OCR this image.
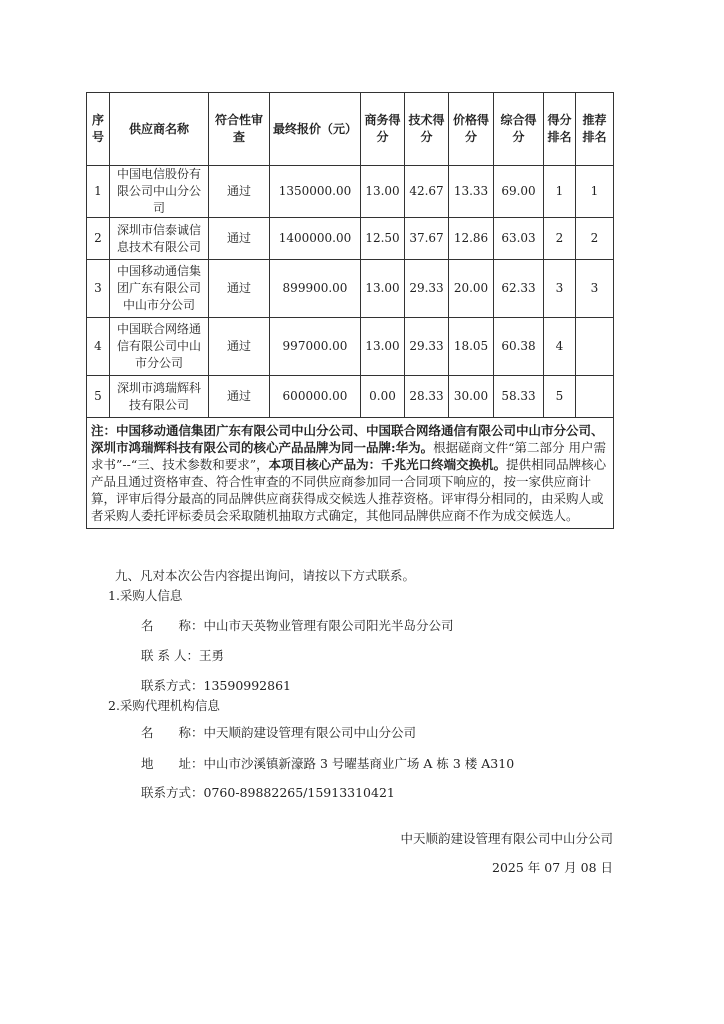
序号	供应商名称	符合性审查	最终报价（元）	商务得分	技术得分	价格得分	综合得分	得分排名	推荐排名
1	中国电信股份有限公司中山分公司	通过	1350000.00	13.00	42.67	13.33	69.00	1	1
2	深圳市信泰诚信息技术有限公司	通过	1400000.00	12.50	37.67	12.86	63.03	2	2
3	中国移动通信集团广东有限公司中山市分公司	通过	899900.00	13.00	29.33	20.00	62.33	3	3
4	中国联合网络通信有限公司中山市分公司	通过	997000.00	13.00	29.33	18.05	60.38	4	
5	深圳市鸿瑞辉科技有限公司	通过	600000.00	0.00	28.33	30.00	58.33	5	
注：中国移动通信集团广东有限公司中山分公司、中国联合网络通信有限公司中山市分公司、深圳市鸿瑞辉科技有限公司的核心产品品牌为同一品牌:华为。根据磋商文件“第二部分 用户需求书”--“三、技术参数和要求”，本项目核心产品为：千兆光口终端交换机。提供相同品牌核心产品且通过资格审查、符合性审查的不同供应商参加同一合同项下响应的，按一家供应商计算，评审后得分最高的同品牌供应商获得成交候选人推荐资格。评审得分相同的，由采购人或者采购人委托评标委员会采取随机抽取方式确定，其他同品牌供应商不作为成交候选人。									
九、凡对本次公告内容提出询问，请按以下方式联系。
1.采购人信息
名　　称：中山市天英物业管理有限公司阳光半岛分公司
联 系 人：王勇
联系方式：13590992861
2.采购代理机构信息
名　　称：中天顺韵建设管理有限公司中山分公司
地　　址：中山市沙溪镇新濠路 3 号曜基商业广场 A 栋 3 楼 A310
联系方式：0760-89882265/15913310421
中天顺韵建设管理有限公司中山分公司
2025 年 07 月 08 日
